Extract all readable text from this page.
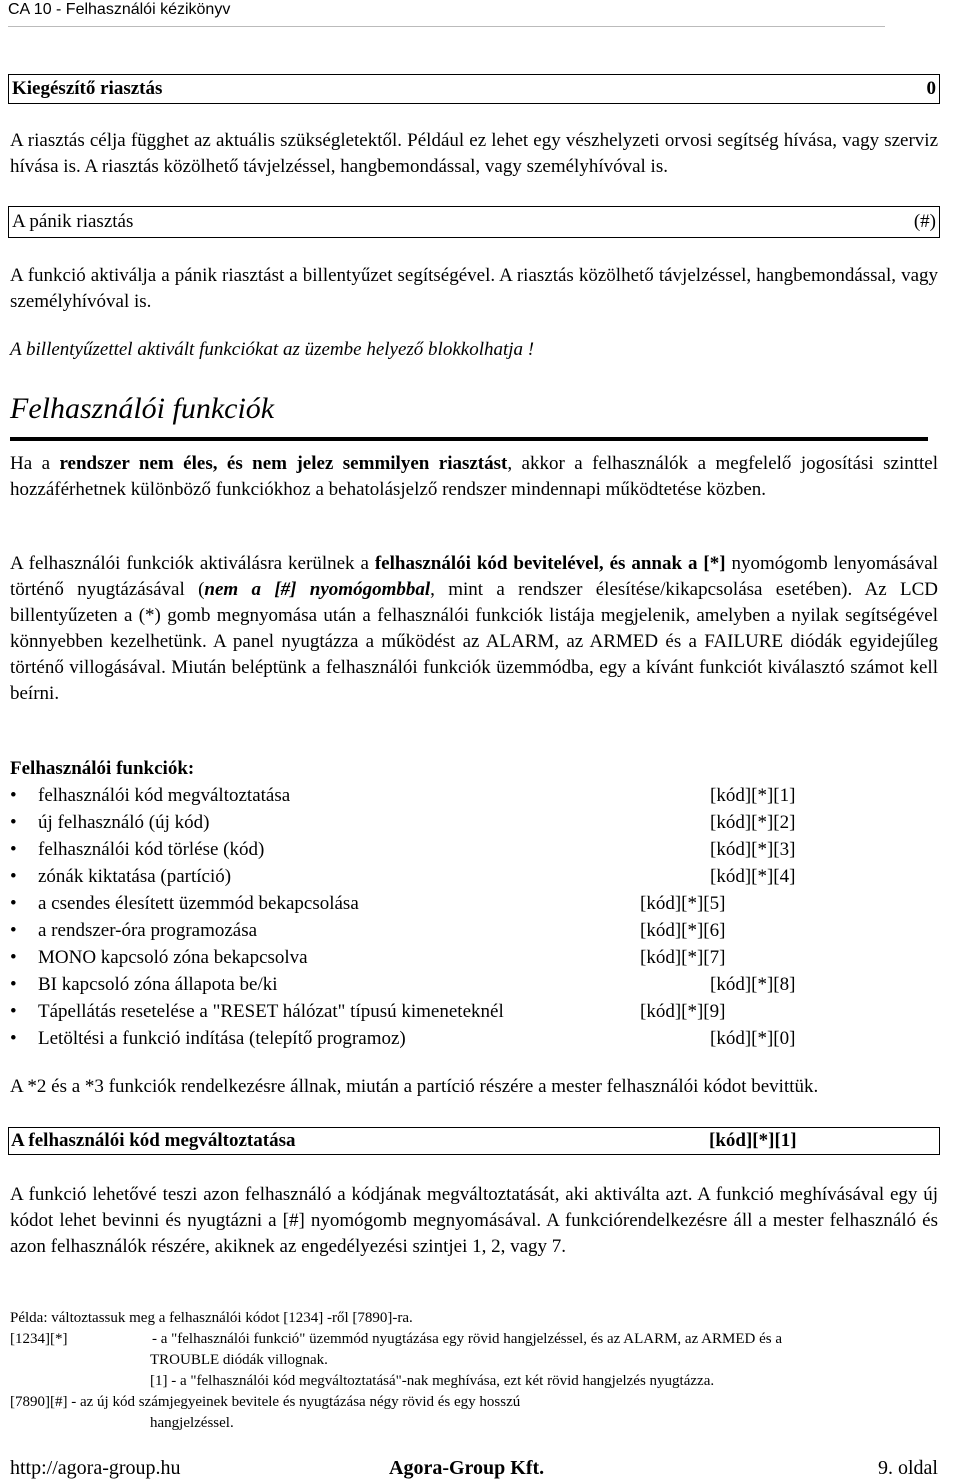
CA 10 - Felhasználói kézikönyv
Kiegészítő riasztás	0

A riasztás célja függhet az aktuális szükségletektől. Például ez lehet egy vészhelyzeti orvosi segítség hívása, vagy szerviz hívása is. A riasztás közölhető távjelzéssel, hangbemondással, vagy személyhívóval is.

A pánik riasztás	(#)

A funkció aktiválja a pánik riasztást a billentyűzet segítségével. A riasztás közölhető távjelzéssel, hangbemondással, vagy személyhívóval is.

A billentyűzettel aktivált funkciókat az üzembe helyező blokkolhatja !

Felhasználói funkciók

Ha a rendszer nem éles, és nem jelez semmilyen riasztást, akkor a felhasználók a megfelelő jogosítási szinttel hozzáférhetnek különböző funkciókhoz a behatolásjelző rendszer mindennapi működtetése közben.

A felhasználói funkciók aktiválásra kerülnek a felhasználói kód bevitelével, és annak a [*] nyomógomb lenyomásával történő nyugtázásával (nem a [#] nyomógombbal, mint a rendszer élesítése/kikapcsolása esetében). Az LCD billentyűzeten a (*) gomb megnyomása után a felhasználói funkciók listája megjelenik, amelyben a nyilak segítségével könnyebben kezelhetünk. A panel nyugtázza a működést az ALARM, az ARMED és a FAILURE diódák egyidejűleg történő villogásával. Miután beléptünk a felhasználói funkciók üzemmódba, egy a kívánt funkciót kiválasztó számot kell beírni.

Felhasználói funkciók:
• felhasználói kód megváltoztatása	[kód][*][1]
• új felhasználó (új kód)	[kód][*][2]
• felhasználói kód törlése (kód)	[kód][*][3]
• zónák kiktatása (partíció)	[kód][*][4]
• a csendes élesített üzemmód bekapcsolása	[kód][*][5]
• a rendszer-óra programozása	[kód][*][6]
• MONO kapcsoló zóna bekapcsolva	[kód][*][7]
• BI kapcsoló zóna állapota be/ki	[kód][*][8]
• Tápellátás resetelése a "RESET hálózat" típusú kimeneteknél	[kód][*][9]
• Letöltési a funkció indítása (telepítő programoz)	[kód][*][0]

A *2 és a *3 funkciók rendelkezésre állnak, miután a partíció részére a mester felhasználói kódot bevittük.

A felhasználói kód megváltoztatása	[kód][*][1]

A funkció lehetővé teszi azon felhasználó a kódjának megváltoztatását, aki aktiválta azt. A funkció meghívásával egy új kódot lehet bevinni és nyugtázni a [#] nyomógomb megnyomásával. A funkciórendelkezésre áll a mester felhasználó és azon felhasználók részére, akiknek az engedélyezési szintjei 1, 2, vagy 7.

Példa: változtassuk meg a felhasználói kódot [1234] -ről [7890]-ra.
[1234][*]	- a "felhasználói funkció" üzemmód nyugtázása egy rövid hangjelzéssel, és az ALARM, az ARMED és a
TROUBLE diódák villognak.
[1] - a "felhasználói kód megváltoztatásá"-nak meghívása, ezt két rövid hangjelzés nyugtázza.
[7890][#] - az új kód számjegyeinek bevitele és nyugtázása négy rövid és egy hosszú
hangjelzéssel.
http://agora-group.hu	Agora-Group Kft.	9. oldal
